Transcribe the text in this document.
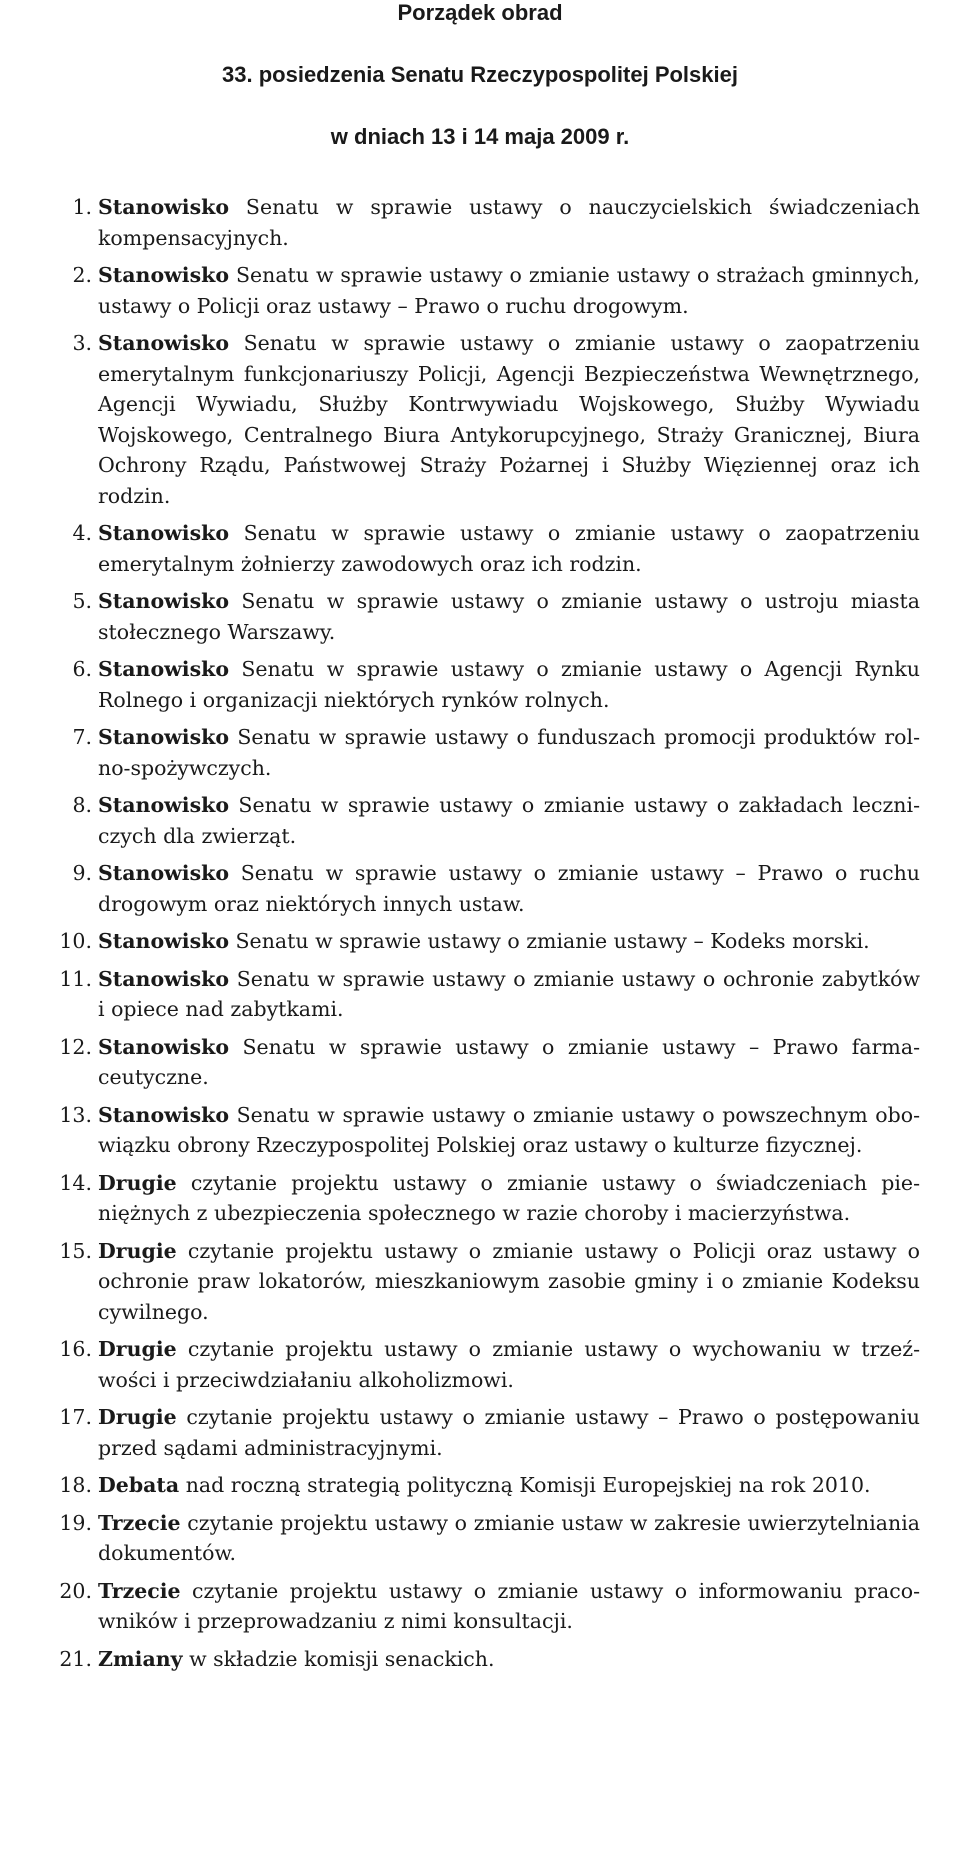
Porządek obrad
33. posiedzenia Senatu Rzeczypospolitej Polskiej
w dniach 13 i 14 maja 2009 r.
1. Stanowisko Senatu w sprawie ustawy o nauczycielskich świadczeniach kompensacyjnych.
2. Stanowisko Senatu w sprawie ustawy o zmianie ustawy o strażach gminnych, ustawy o Policji oraz ustawy – Prawo o ruchu drogowym.
3. Stanowisko Senatu w sprawie ustawy o zmianie ustawy o zaopatrzeniu emerytalnym funkcjonariuszy Policji, Agencji Bezpieczeństwa Wewnętrznego, Agencji Wywiadu, Służby Kontrwywiadu Wojskowego, Służby Wywiadu Wojskowego, Centralnego Biura Antykorupcyjnego, Straży Granicznej, Biura Ochrony Rządu, Państwowej Straży Pożarnej i Służby Więziennej oraz ich rodzin.
4. Stanowisko Senatu w sprawie ustawy o zmianie ustawy o zaopatrzeniu emerytalnym żołnierzy zawodowych oraz ich rodzin.
5. Stanowisko Senatu w sprawie ustawy o zmianie ustawy o ustroju miasta stołecznego Warszawy.
6. Stanowisko Senatu w sprawie ustawy o zmianie ustawy o Agencji Rynku Rolnego i organizacji niektórych rynków rolnych.
7. Stanowisko Senatu w sprawie ustawy o funduszach promocji produktów rolno-spożywczych.
8. Stanowisko Senatu w sprawie ustawy o zmianie ustawy o zakładach leczniczych dla zwierząt.
9. Stanowisko Senatu w sprawie ustawy o zmianie ustawy – Prawo o ruchu drogowym oraz niektórych innych ustaw.
10. Stanowisko Senatu w sprawie ustawy o zmianie ustawy – Kodeks morski.
11. Stanowisko Senatu w sprawie ustawy o zmianie ustawy o ochronie zabytków i opiece nad zabytkami.
12. Stanowisko Senatu w sprawie ustawy o zmianie ustawy – Prawo farmaceutyczne.
13. Stanowisko Senatu w sprawie ustawy o zmianie ustawy o powszechnym obowiązku obrony Rzeczypospolitej Polskiej oraz ustawy o kulturze fizycznej.
14. Drugie czytanie projektu ustawy o zmianie ustawy o świadczeniach pieniężnych z ubezpieczenia społecznego w razie choroby i macierzyństwa.
15. Drugie czytanie projektu ustawy o zmianie ustawy o Policji oraz ustawy o ochronie praw lokatorów, mieszkaniowym zasobie gminy i o zmianie Kodeksu cywilnego.
16. Drugie czytanie projektu ustawy o zmianie ustawy o wychowaniu w trzeźwości i przeciwdziałaniu alkoholizmowi.
17. Drugie czytanie projektu ustawy o zmianie ustawy – Prawo o postępowaniu przed sądami administracyjnymi.
18. Debata nad roczną strategią polityczną Komisji Europejskiej na rok 2010.
19. Trzecie czytanie projektu ustawy o zmianie ustaw w zakresie uwierzytelniania dokumentów.
20. Trzecie czytanie projektu ustawy o zmianie ustawy o informowaniu pracowników i przeprowadzaniu z nimi konsultacji.
21. Zmiany w składzie komisji senackich.
